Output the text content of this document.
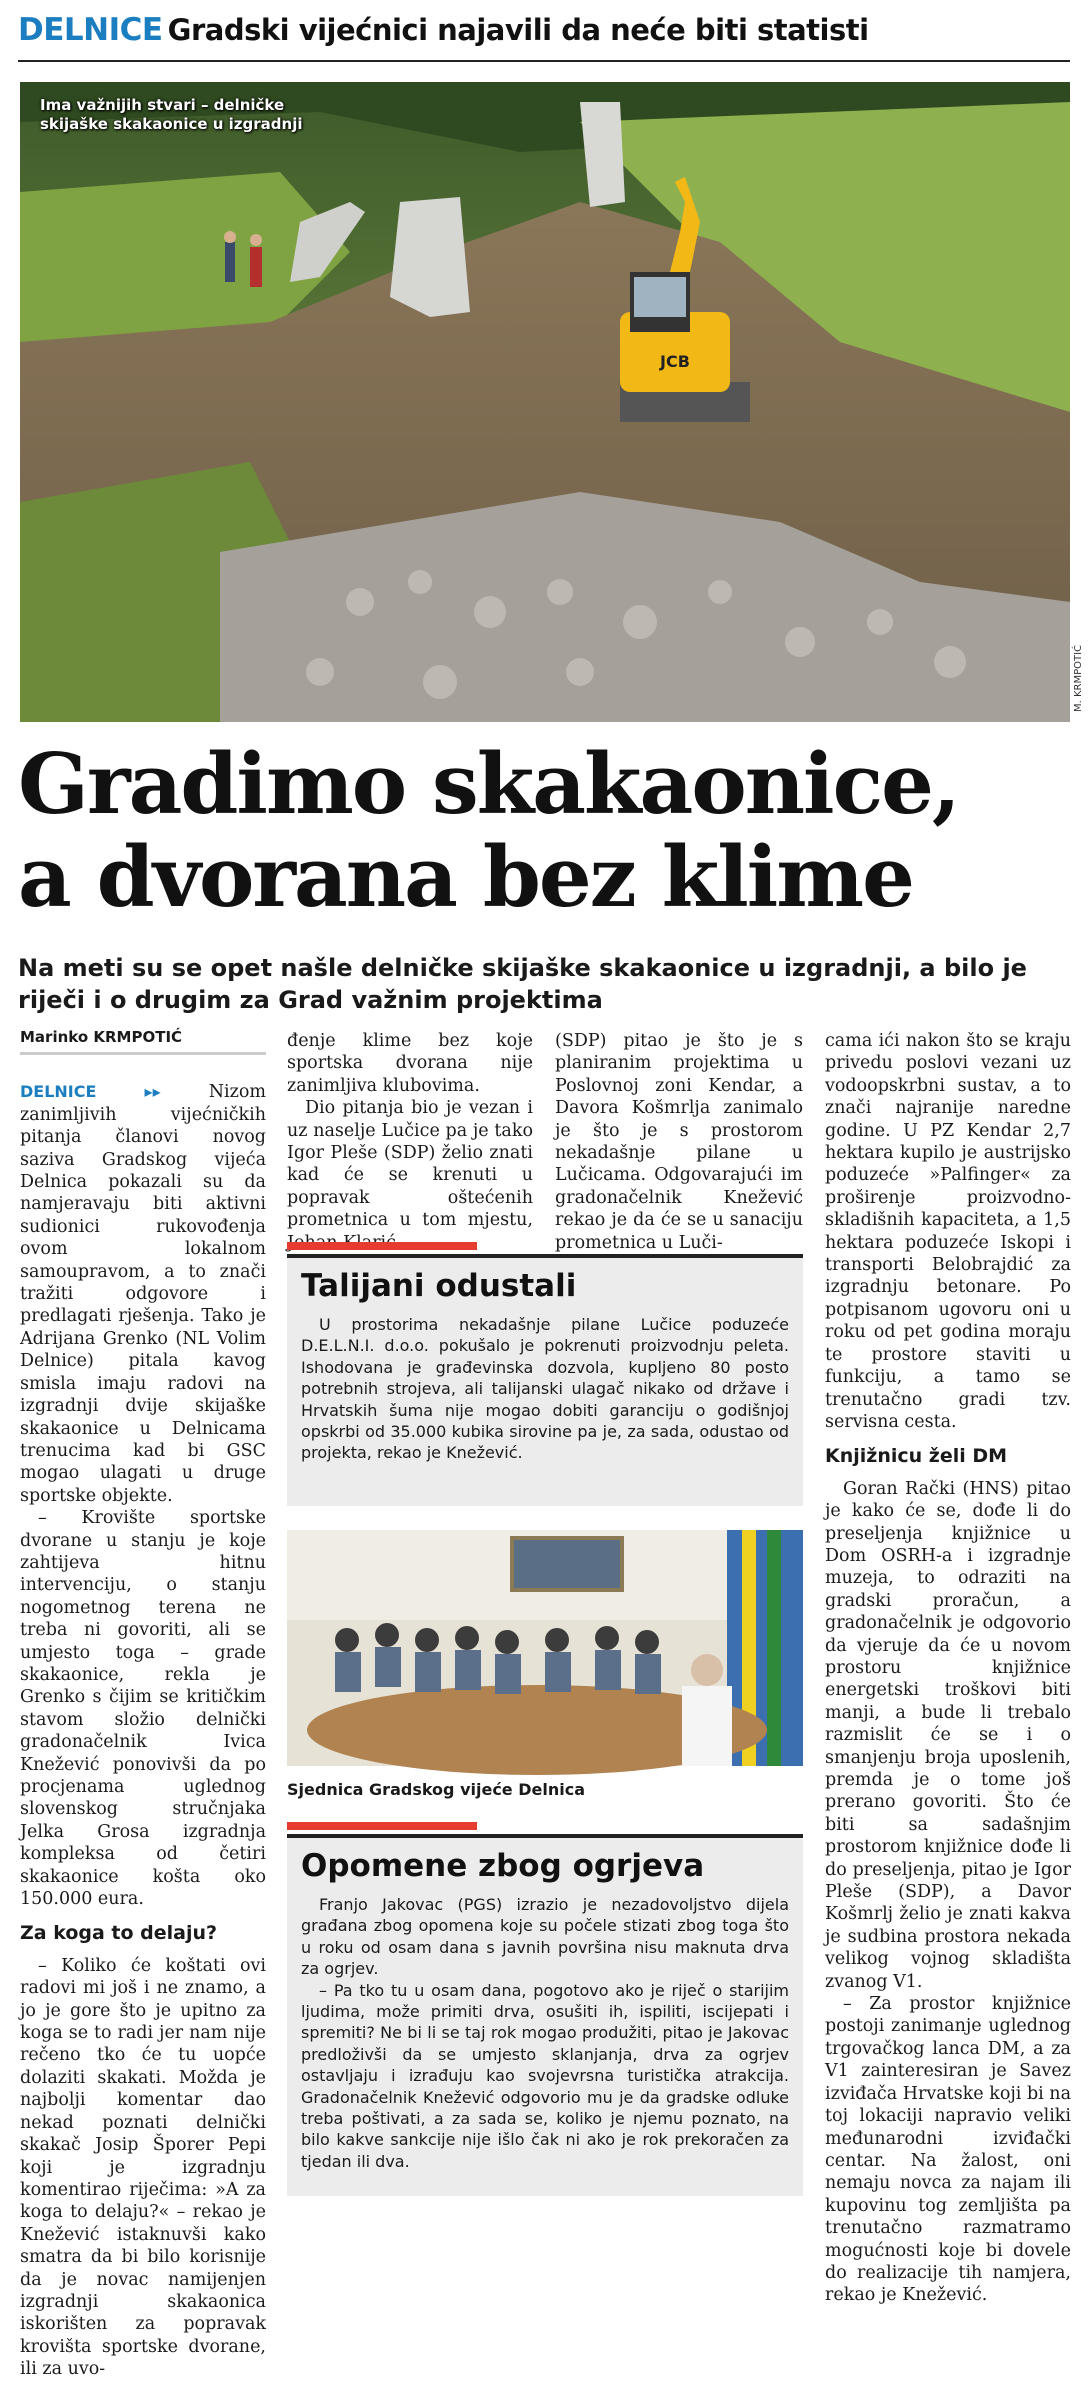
DELNICE Gradski vijećnici najavili da neće biti statisti
JCB
Ima važnijih stvari – delničke
skijaške skakaonice u izgradnji
M. KRMPOTIĆ
Gradimo skakaonice,
a dvorana bez klime
Na meti su se opet našle delničke skijaške skakaonice u izgradnji, a bilo je riječi i o drugim za Grad važnim projektima
Marinko KRMPOTIĆ

DELNICE ▸▸ Nizom zanimljivih vijećničkih pitanja članovi novog saziva Gradskog vijeća Delnica pokazali su da namjeravaju biti aktivni sudionici rukovođenja ovom lokalnom samoupravom, a to znači tražiti odgovore i predlagati rješenja. Tako je Adrijana Grenko (NL Volim Delnice) pitala kavog smisla imaju radovi na izgradnji dvije skijaške skakaonice u Delnicama trenucima kad bi GSC mogao ulagati u druge sportske objekte.

– Krovište sportske dvorane u stanju je koje zahtijeva hitnu intervenciju, o stanju nogometnog terena ne treba ni govoriti, ali se umjesto toga – grade skakaonice, rekla je Grenko s čijim se kritičkim stavom složio delnički gradonačelnik Ivica Knežević ponovivši da po procjenama uglednog slovenskog stručnjaka Jelka Grosa izgradnja kompleksa od četiri skakaonice košta oko 150.000 eura.

Za koga to delaju?

– Koliko će koštati ovi radovi mi još i ne znamo, a jo je gore što je upitno za koga se to radi jer nam nije rečeno tko će tu uopće dolaziti skakati. Možda je najbolji komentar dao nekad poznati delnički skakač Josip Šporer Pepi koji je izgradnju komentirao riječima: »A za koga to delaju?« – rekao je Knežević istaknuvši kako smatra da bi bilo korisnije da je novac namijenjen izgradnji skakaonica iskorišten za popravak krovišta sportske dvorane, ili za uvo-

đenje klime bez koje sportska dvorana nije zanimljiva klubovima.

Dio pitanja bio je vezan i uz naselje Lučice pa je tako Igor Pleše (SDP) želio znati kad će se krenuti u popravak oštećenih prometnica u tom mjestu,

(SDP) pitao je što je s planiranim projektima u Poslovnoj zoni Kendar, a Davora Košmrlja zanimalo je što je s prostorom nekadašnje pilane u Lučicama. Odgovarajući im gradonačelnik Knežević rekao je da će se u sanaciju prometnica u Luči-

Talijani odustali

U prostorima nekadašnje pilane Lučice poduzeće D.E.L.N.I. d.o.o. pokušalo je pokrenuti proizvodnju peleta. Ishodovana je građevinska dozvola, kupljeno 80 posto potrebnih strojeva, ali talijanski ulagač nikako od države i Hrvatskih šuma nije mogao dobiti garanciju o godišnjoj opskrbi od 35.000 kubika sirovine pa je, za sada, odustao od projekta, rekao je Knežević.

Sjednica Gradskog vijeće Delnica
Opomene zbog ogrjeva

Franjo Jakovac (PGS) izrazio je nezadovoljstvo dijela građana zbog opomena koje su počele stizati zbog toga što u roku od osam dana s javnih površina nisu maknuta drva za ogrjev.

– Pa tko tu u osam dana, pogotovo ako je riječ o starijim ljudima, može primiti drva, osušiti ih, ispiliti, iscijepati i spremiti? Ne bi li se taj rok mogao produžiti, pitao je Jakovac predloživši da se umjesto sklanjanja, drva za ogrjev ostavljaju i izrađuju kao svojevrsna turistička atrakcija. Gradonačelnik Knežević odgovorio mu je da gradske odluke treba poštivati, a za sada se, koliko je njemu poznato, na bilo kakve sankcije nije išlo čak ni ako je rok prekoračen za tjedan ili dva.

cama ići nakon što se kraju privedu poslovi vezani uz vodoopskrbni sustav, a to znači najranije naredne godine. U PZ Kendar 2,7 hektara kupilo je austrijsko poduzeće »Palfinger« za proširenje proizvodno-skladišnih kapaciteta, a 1,5 hektara poduzeće Iskopi i transporti Belobrajdić za izgradnju betonare. Po potpisanom ugovoru oni u roku od pet godina moraju te prostore staviti u funkciju, a tamo se trenutačno gradi tzv. servisna cesta.

Knjižnicu želi DM

Goran Rački (HNS) pitao je kako će se, dođe li do preseljenja knjižnice u Dom OSRH-a i izgradnje muzeja, to odraziti na gradski proračun, a gradonačelnik je odgovorio da vjeruje da će u novom prostoru knjižnice energetski troškovi biti manji, a bude li trebalo razmislit će se i o smanjenju broja uposlenih, premda je o tome još prerano govoriti. Što će biti sa sadašnjim prostorom knjižnice dođe li do preseljenja, pitao je Igor Pleše (SDP), a Davor Košmrlj želio je znati kakva je sudbina prostora nekada velikog vojnog skladišta zvanog V1.

– Za prostor knjižnice postoji zanimanje uglednog trgovačkog lanca DM, a za V1 zainteresiran je Savez izviđača Hrvatske koji bi na toj lokaciji napravio veliki međunarodni izviđački centar. Na žalost, oni nemaju novca za najam ili kupovinu tog zemljišta pa trenutačno razmatramo mogućnosti koje bi dovele do realizacije tih namjera, rekao je Knežević.
